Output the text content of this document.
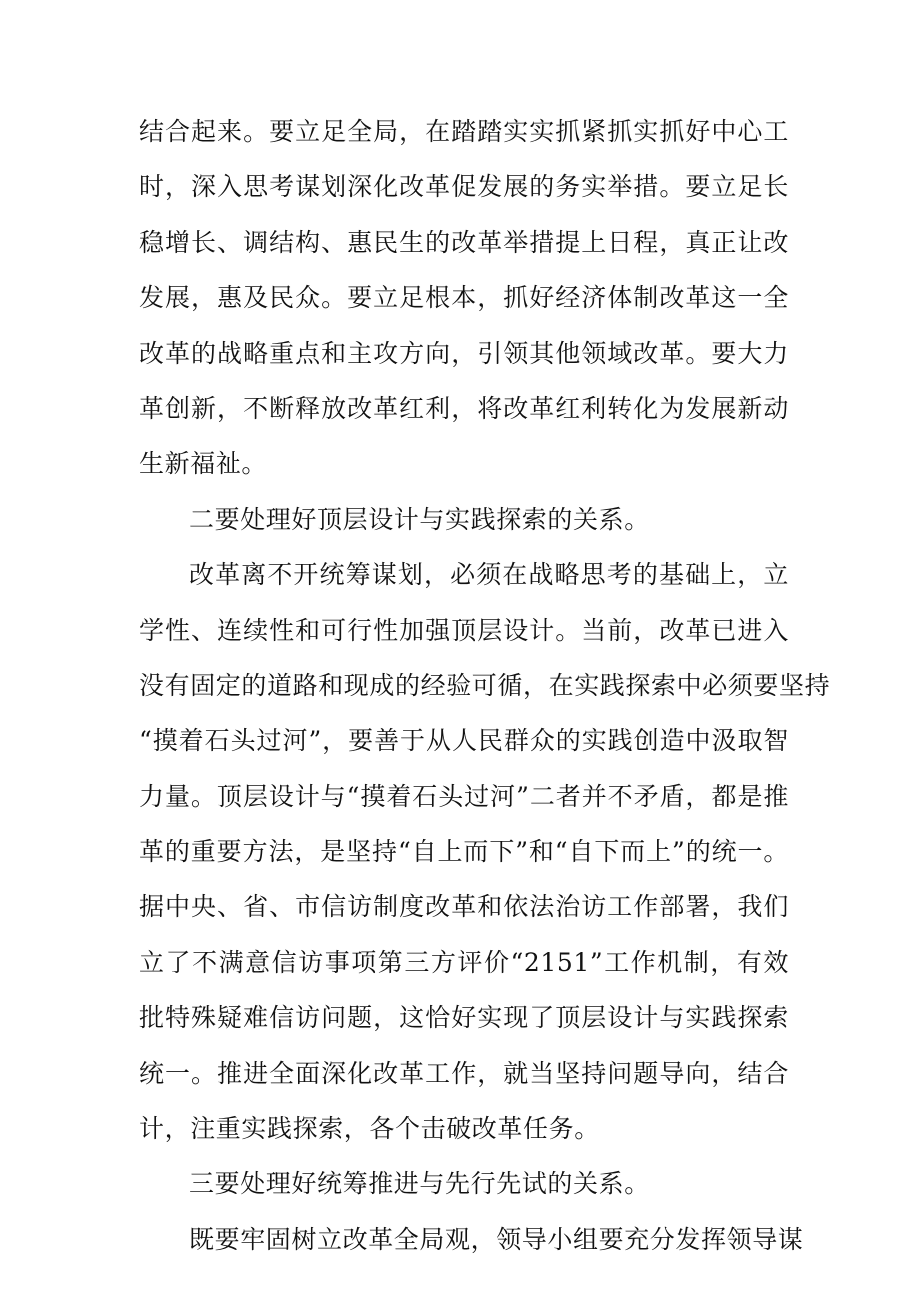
结合起来。要立足全局，在踏踏实实抓紧抓实抓好中心工
时，深入思考谋划深化改革促发展的务实举措。要立足长
稳增长、调结构、惠民生的改革举措提上日程，真正让改
发展，惠及民众。要立足根本，抓好经济体制改革这一全
改革的战略重点和主攻方向，引领其他领域改革。要大力
革创新，不断释放改革红利，将改革红利转化为发展新动
生新福祉。
二要处理好顶层设计与实践探索的关系。
改革离不开统筹谋划，必须在战略思考的基础上，立
学性、连续性和可行性加强顶层设计。当前，改革已进入
没有固定的道路和现成的经验可循，在实践探索中必须要坚持
“摸着石头过河”，要善于从人民群众的实践创造中汲取智
力量。顶层设计与“摸着石头过河”二者并不矛盾，都是推
革的重要方法，是坚持“自上而下”和“自下而上”的统一。
据中央、省、市信访制度改革和依法治访工作部署，我们
立了不满意信访事项第三方评价“2151”工作机制，有效
批特殊疑难信访问题，这恰好实现了顶层设计与实践探索
统一。推进全面深化改革工作，就当坚持问题导向，结合
计，注重实践探索，各个击破改革任务。
三要处理好统筹推进与先行先试的关系。
既要牢固树立改革全局观，领导小组要充分发挥领导谋
